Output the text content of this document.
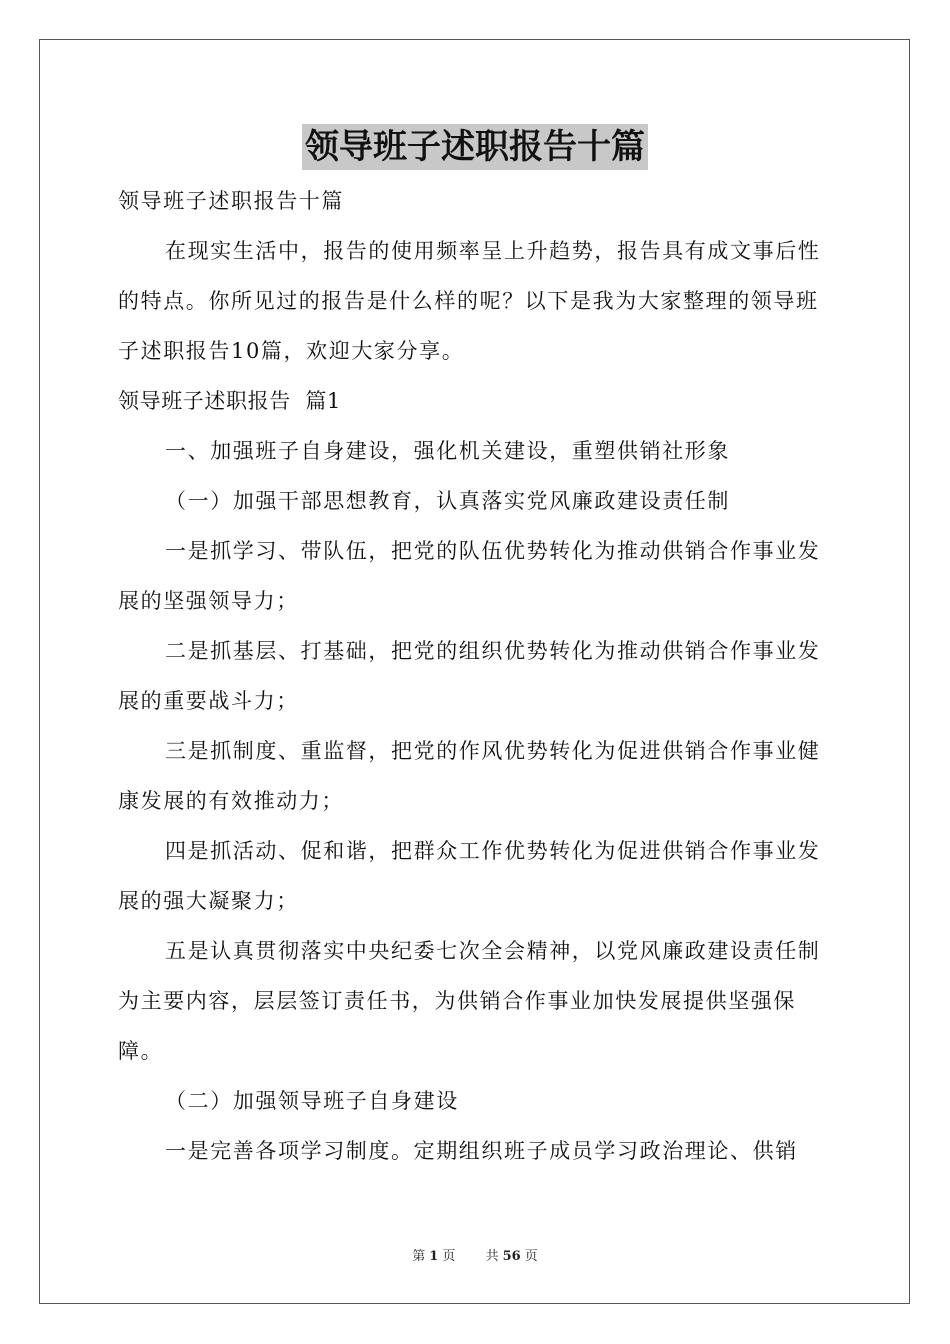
领导班子述职报告十篇

领导班子述职报告十篇

在现实生活中，报告的使用频率呈上升趋势，报告具有成文事后性的特点。你所见过的报告是什么样的呢？以下是我为大家整理的领导班子述职报告10篇，欢迎大家分享。

领导班子述职报告  篇1

一、加强班子自身建设，强化机关建设，重塑供销社形象

（一）加强干部思想教育，认真落实党风廉政建设责任制

一是抓学习、带队伍，把党的队伍优势转化为推动供销合作事业发展的坚强领导力；

二是抓基层、打基础，把党的组织优势转化为推动供销合作事业发展的重要战斗力；

三是抓制度、重监督，把党的作风优势转化为促进供销合作事业健康发展的有效推动力；

四是抓活动、促和谐，把群众工作优势转化为促进供销合作事业发展的强大凝聚力；

五是认真贯彻落实中央纪委七次全会精神，以党风廉政建设责任制为主要内容，层层签订责任书，为供销合作事业加快发展提供坚强保障。

（二）加强领导班子自身建设

一是完善各项学习制度。定期组织班子成员学习政治理论、供销

第 1 页 共 56 页
